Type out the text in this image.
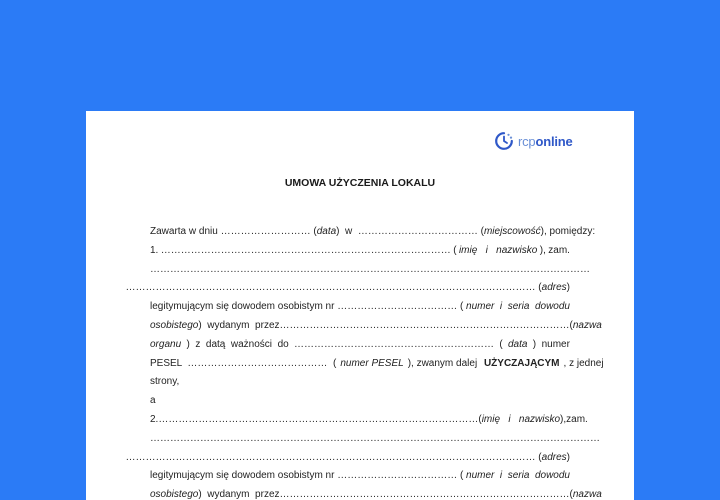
rcponline
UMOWA UŻYCZENIA LOKALU
Zawarta w dniu ……………………… ( data )  w  ……………………………… ( miejscowość ), pomiędzy:
1. …………………………………………………………………………… ( imię   i   nazwisko ), zam.
……………………………………………………………………………………………………………………
…………………………………………………………………………………………………………… ( adres )
legitymującym się dowodem osobistym nr ……………………………… ( numer  i  seria  dowodu
osobistego )  wydanym  przez …………………………………………………………………………… ( nazwa
organu )  z  datą  ważności  do …………………………………………………… ( data )  numer
PESEL  ……………………………………  ( numer PESEL ), zwanym dalej UŻYCZAJĄCYM , z jednej
strony,
a
2. …………………………………………………………………………………… ( imię   i   nazwisko ), zam.
………………………………………………………………………………………………………………………
…………………………………………………………………………………………………………… ( adres )
legitymującym się dowodem osobistym nr ……………………………… ( numer  i  seria  dowodu
osobistego )  wydanym  przez …………………………………………………………………………… ( nazwa
